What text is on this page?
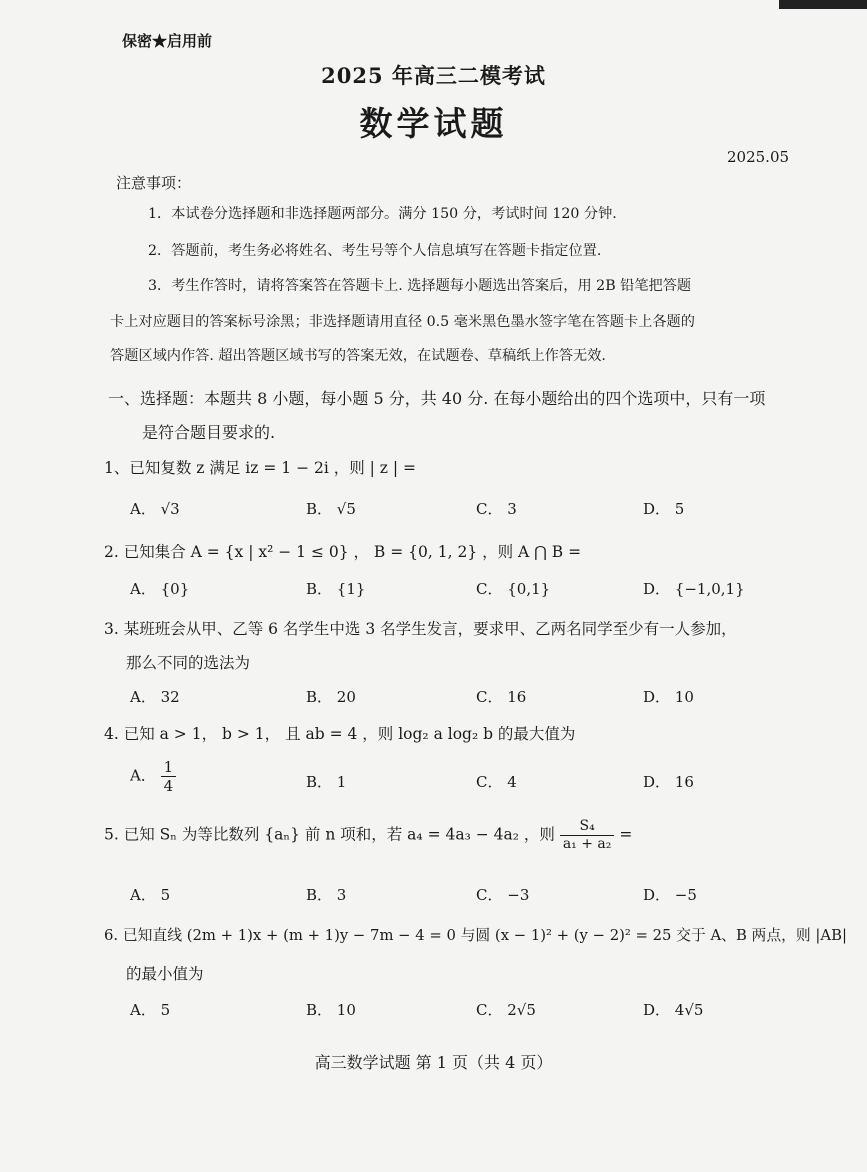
保密★启用前
2025 年高三二模考试
数学试题
2025.05
注意事项：
1．本试卷分选择题和非选择题两部分。满分 150 分，考试时间 120 分钟.
2．答题前，考生务必将姓名、考生号等个人信息填写在答题卡指定位置.
3．考生作答时，请将答案答在答题卡上. 选择题每小题选出答案后，用 2B 铅笔把答题
卡上对应题目的答案标号涂黑；非选择题请用直径 0.5 毫米黑色墨水签字笔在答题卡上各题的
答题区域内作答. 超出答题区域书写的答案无效，在试题卷、草稿纸上作答无效.
一、选择题：本题共 8 小题，每小题 5 分，共 40 分. 在每小题给出的四个选项中，只有一项
是符合题目要求的.
1、已知复数 z 满足 iz = 1 − 2i ，则 | z | =
A． √3	B． √5	C． 3	D． 5
2. 已知集合 A = {x | x² − 1 ≤ 0} ， B = {0, 1, 2} ，则 A ⋂ B =
A． {0}	B． {1}	C． {0,1}	D． {−1,0,1}
3. 某班班会从甲、乙等 6 名学生中选 3 名学生发言，要求甲、乙两名同学至少有一人参加，
那么不同的选法为
A． 32	B． 20	C． 16	D． 10
4. 已知 a > 1， b > 1， 且 ab = 4 ，则 log₂ a log₂ b 的最大值为
A． $\frac{1}{4}$	B． 1	C． 4	D． 16
5. 已知 Sₙ 为等比数列 {aₙ} 前 n 项和，若 a₄ = 4a₃ − 4a₂ ，则 $\frac{\text{S₄}}{\text{a₁ + a₂}}$ =
A． 5	B． 3	C． −3	D． −5
6. 已知直线 (2m + 1)x + (m + 1)y − 7m − 4 = 0 与圆 (x − 1)² + (y − 2)² = 25 交于 A、B 两点，则 |AB|
的最小值为
A． 5	B． 10	C． 2√5	D． 4√5
高三数学试题 第 1 页（共 4 页）
